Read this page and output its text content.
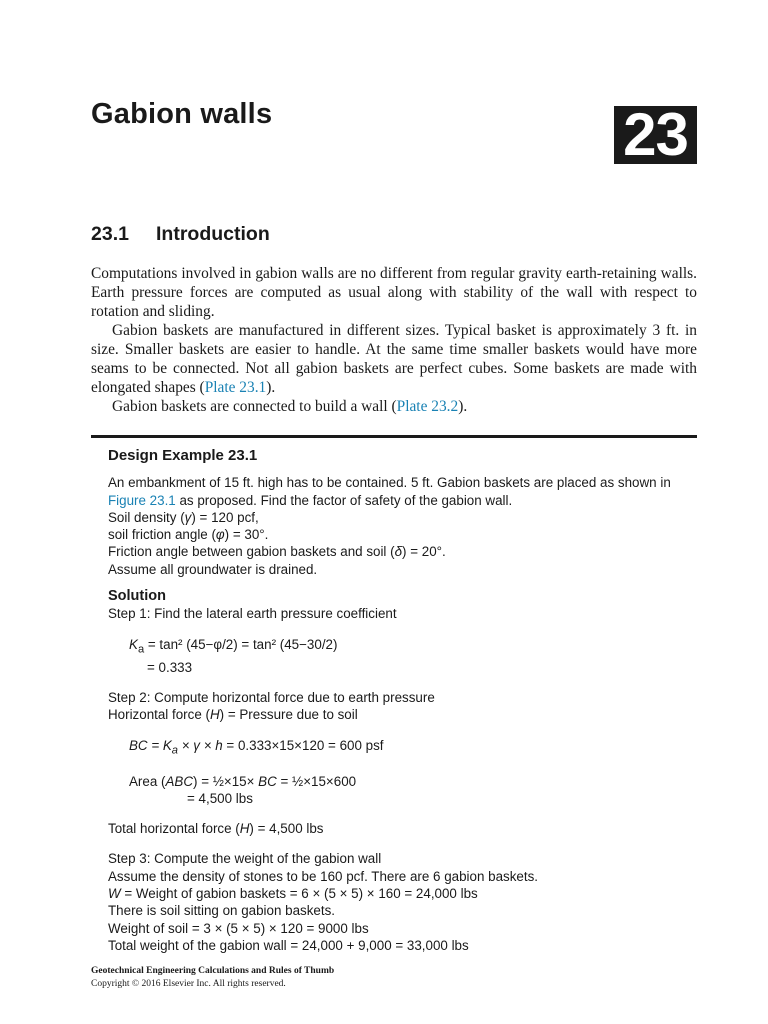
Gabion walls	23
23.1 Introduction

Computations involved in gabion walls are no different from regular gravity earth-retaining walls. Earth pressure forces are computed as usual along with stability of the wall with respect to rotation and sliding.

Gabion baskets are manufactured in different sizes. Typical basket is approximately 3 ft. in size. Smaller baskets are easier to handle. At the same time smaller baskets would have more seams to be connected. Not all gabion baskets are perfect cubes. Some baskets are made with elongated shapes (Plate 23.1).

Gabion baskets are connected to build a wall (Plate 23.2).

Design Example 23.1
An embankment of 15 ft. high has to be contained. 5 ft. Gabion baskets are placed as shown in
Figure 23.1 as proposed. Find the factor of safety of the gabion wall.
Soil density (γ) = 120 pcf,
soil friction angle (φ) = 30°.
Friction angle between gabion baskets and soil (δ) = 20°.
Assume all groundwater is drained.
Solution
Step 1: Find the lateral earth pressure coefficient
$K_a = \tan^2$ (45−φ/2) = tan² (45−30/2)
= 0.333
Step 2: Compute horizontal force due to earth pressure
Horizontal force (H) = Pressure due to soil
BC = $K_a \times \gamma \times h = 0.333\times 15\times 120 = 600$ psf
Area (ABC) = ½×15× BC = ½×15×600
= 4,500 lbs
Total horizontal force (H) = 4,500 lbs
Step 3: Compute the weight of the gabion wall
Assume the density of stones to be 160 pcf. There are 6 gabion baskets.
W = Weight of gabion baskets = 6 × (5 × 5) × 160 = 24,000 lbs
There is soil sitting on gabion baskets.
Weight of soil = 3 × (5 × 5) × 120 = 9000 lbs
Total weight of the gabion wall = 24,000 + 9,000 = 33,000 lbs
Geotechnical Engineering Calculations and Rules of Thumb
Copyright © 2016 Elsevier Inc. All rights reserved.
